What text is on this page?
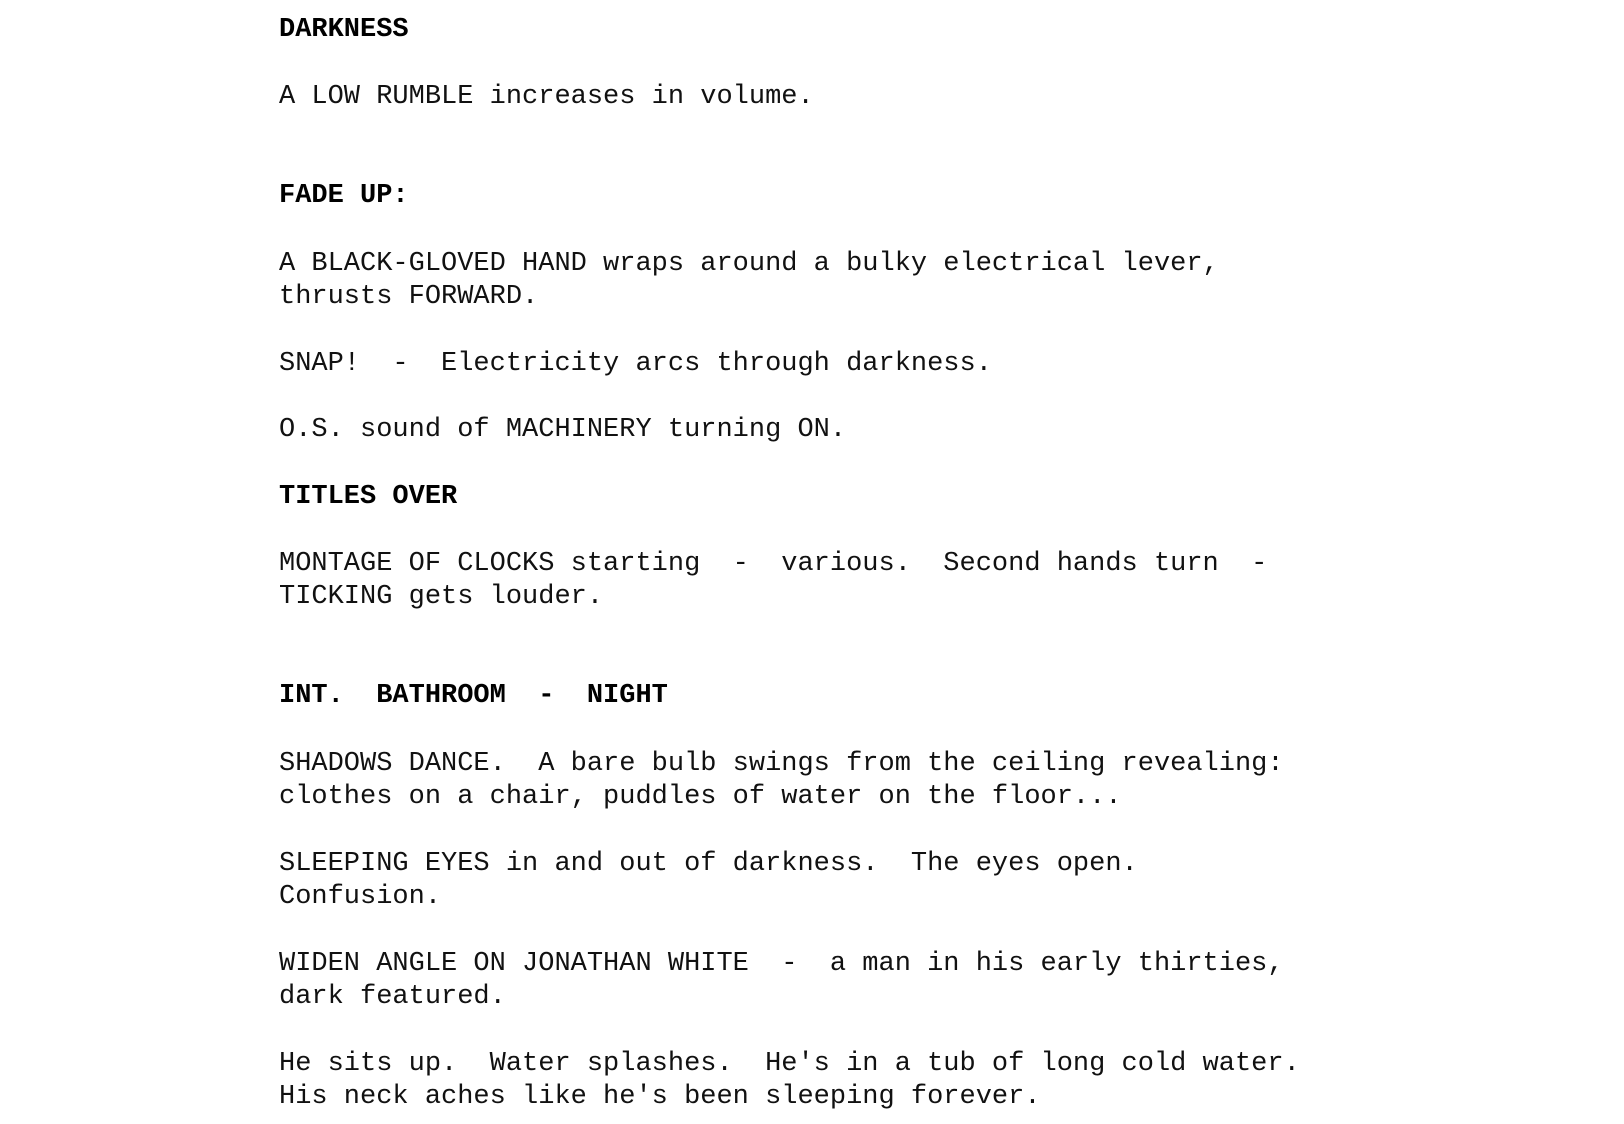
DARKNESS

A LOW RUMBLE increases in volume.

FADE UP:

A BLACK-GLOVED HAND wraps around a bulky electrical lever,

thrusts FORWARD.

SNAP!  -  Electricity arcs through darkness.

O.S. sound of MACHINERY turning ON.

TITLES OVER

MONTAGE OF CLOCKS starting  -  various.  Second hands turn  -

TICKING gets louder.

INT.  BATHROOM  -  NIGHT

SHADOWS DANCE.  A bare bulb swings from the ceiling revealing:

clothes on a chair, puddles of water on the floor...

SLEEPING EYES in and out of darkness.  The eyes open.

Confusion.

WIDEN ANGLE ON JONATHAN WHITE  -  a man in his early thirties,

dark featured.

He sits up.  Water splashes.  He's in a tub of long cold water.

His neck aches like he's been sleeping forever.
